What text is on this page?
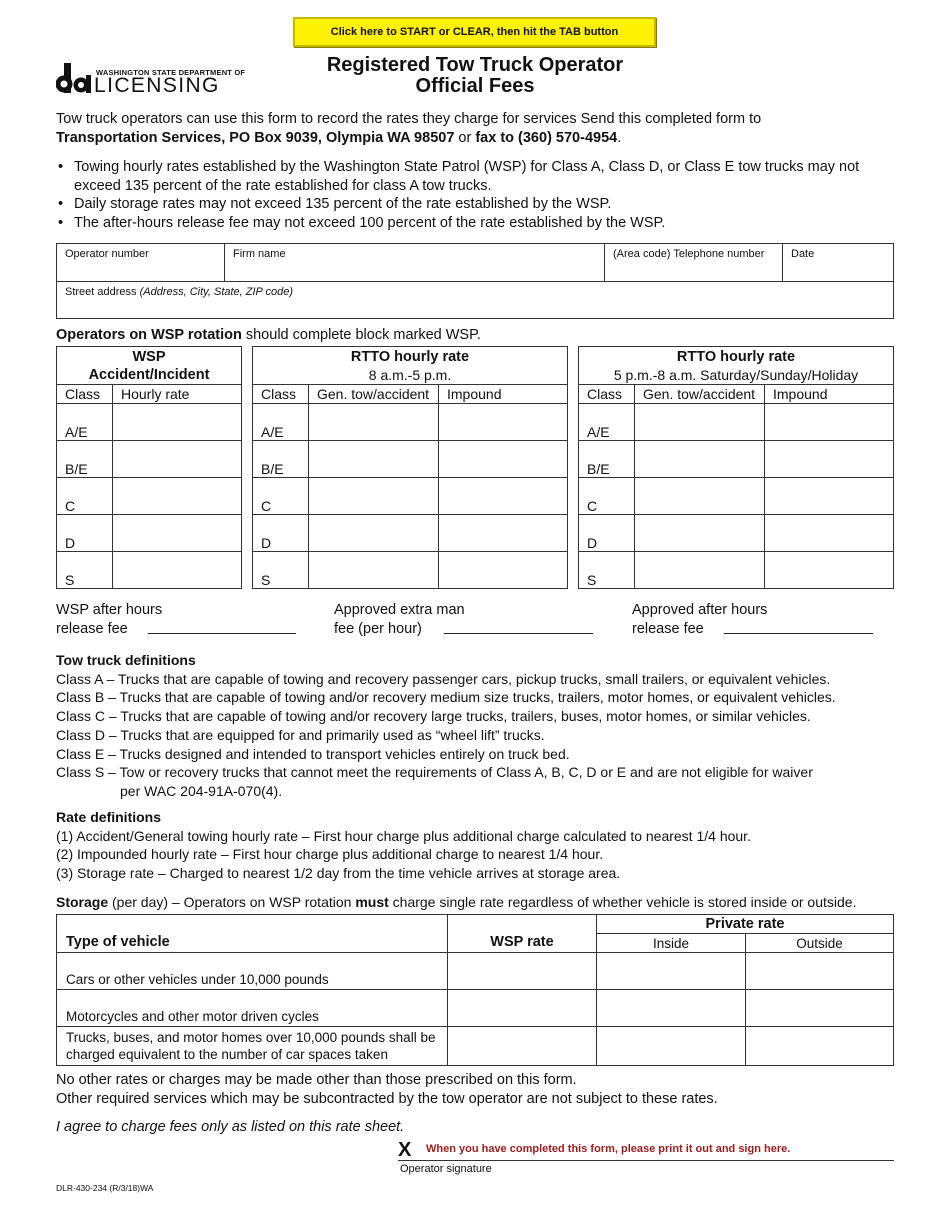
Click here to START or CLEAR, then hit the TAB button
WASHINGTON STATE DEPARTMENT OF
LICENSING
Registered Tow Truck Operator
Official Fees
Tow truck operators can use this form to record the rates they charge for services Send this completed form to
Transportation Services, PO Box 9039, Olympia WA 98507 or fax to (360) 570-4954.
• Towing hourly rates established by the Washington State Patrol (WSP) for Class A, Class D, or Class E tow trucks may not exceed 135 percent of the rate established for class A tow trucks.
• Daily storage rates may not exceed 135 percent of the rate established by the WSP.
• The after-hours release fee may not exceed 100 percent of the rate established by the WSP.
Operator number	Firm name	(Area code) Telephone number	Date
Street address (Address, City, State, ZIP code)
Operators on WSP rotation should complete block marked WSP.
WSP
Accident/Incident	

Class	Hourly rate
A/E	
B/E	
C	
D	
S	
RTTO hourly rate
8 a.m.-5 p.m.		

Class	Gen. tow/accident	Impound
A/E		
B/E		
C		
D		
S		
RTTO hourly rate
5 p.m.-8 a.m. Saturday/Sunday/Holiday		

Class	Gen. tow/accident	Impound
A/E		
B/E		
C		
D		
S		
WSP after hours
release fee
Approved extra man
fee (per hour)
Approved after hours
release fee
Tow truck definitions
Class A – Trucks that are capable of towing and recovery passenger cars, pickup trucks, small trailers, or equivalent vehicles.
Class B – Trucks that are capable of towing and/or recovery medium size trucks, trailers, motor homes, or equivalent vehicles.
Class C – Trucks that are capable of towing and/or recovery large trucks, trailers, buses, motor homes, or similar vehicles.
Class D – Trucks that are equipped for and primarily used as “wheel lift” trucks.
Class E – Trucks designed and intended to transport vehicles entirely on truck bed.
Class S – Tow or recovery trucks that cannot meet the requirements of Class A, B, C, D or E and are not eligible for waiver
per WAC 204-91A-070(4).
Rate definitions
(1) Accident/General towing hourly rate – First hour charge plus additional charge calculated to nearest 1/4 hour.
(2) Impounded hourly rate – First hour charge plus additional charge to nearest 1/4 hour.
(3) Storage rate – Charged to nearest 1/2 day from the time vehicle arrives at storage area.
Storage (per day) – Operators on WSP rotation must charge single rate regardless of whether vehicle is stored inside or outside.
Type of vehicle	WSP rate	Private rate	
		Inside	Outside
Cars or other vehicles under 10,000 pounds			
Motorcycles and other motor driven cycles			
Trucks, buses, and motor homes over 10,000 pounds shall be charged equivalent to the number of car spaces taken			
No other rates or charges may be made other than those prescribed on this form.
Other required services which may be subcontracted by the tow operator are not subject to these rates.
I agree to charge fees only as listed on this rate sheet.
X When you have completed this form, please print it out and sign here.
Operator signature
DLR-430-234 (R/3/18)WA
